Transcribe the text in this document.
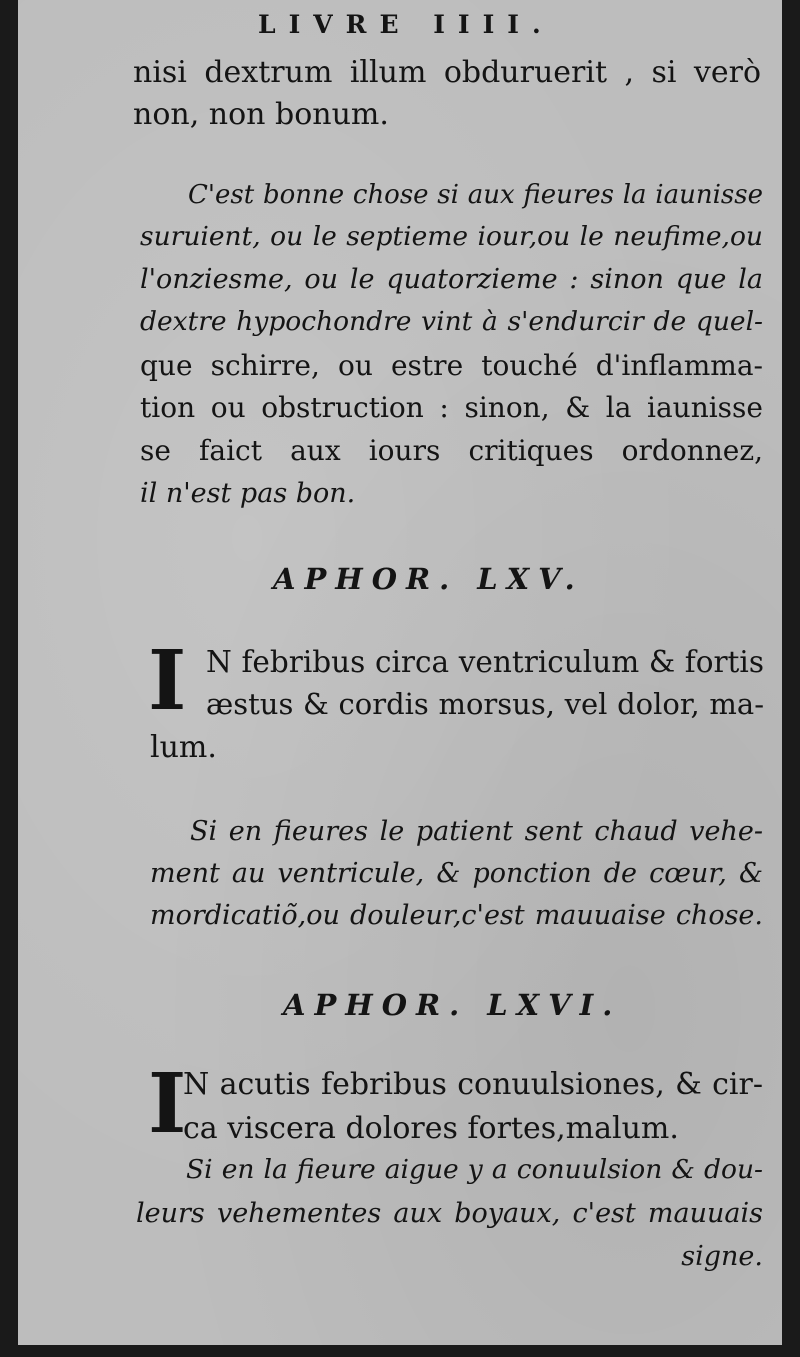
LIVRE IIII.
nisi dextrum illum obduruerit , si verò
non, non bonum.
C'est bonne chose si aux fieures la iaunisse
suruient, ou le septieme iour,ou le neufime,ou
l'onziesme, ou le quatorzieme : sinon que la
dextre hypochondre vint à s'endurcir de quel-
que schirre, ou estre touché d'inflamma-
tion ou obstruction : sinon, & la iaunisse
se faict aux iours critiques ordonnez,
il n'est pas bon.
APHOR. LXV.
I N febribus circa ventriculum & fortis
æstus & cordis morsus, vel dolor, ma-
lum.
Si en fieures le patient sent chaud vehe-
ment au ventricule, & ponction de cœur, &
mordicatiõ,ou douleur,c'est mauuaise chose.
APHOR. LXVI.
I
N acutis febribus conuulsiones, & cir-
ca viscera dolores fortes,malum.
Si en la fieure aigue y a conuulsion & dou-
leurs vehementes aux boyaux, c'est mauuais
signe.
